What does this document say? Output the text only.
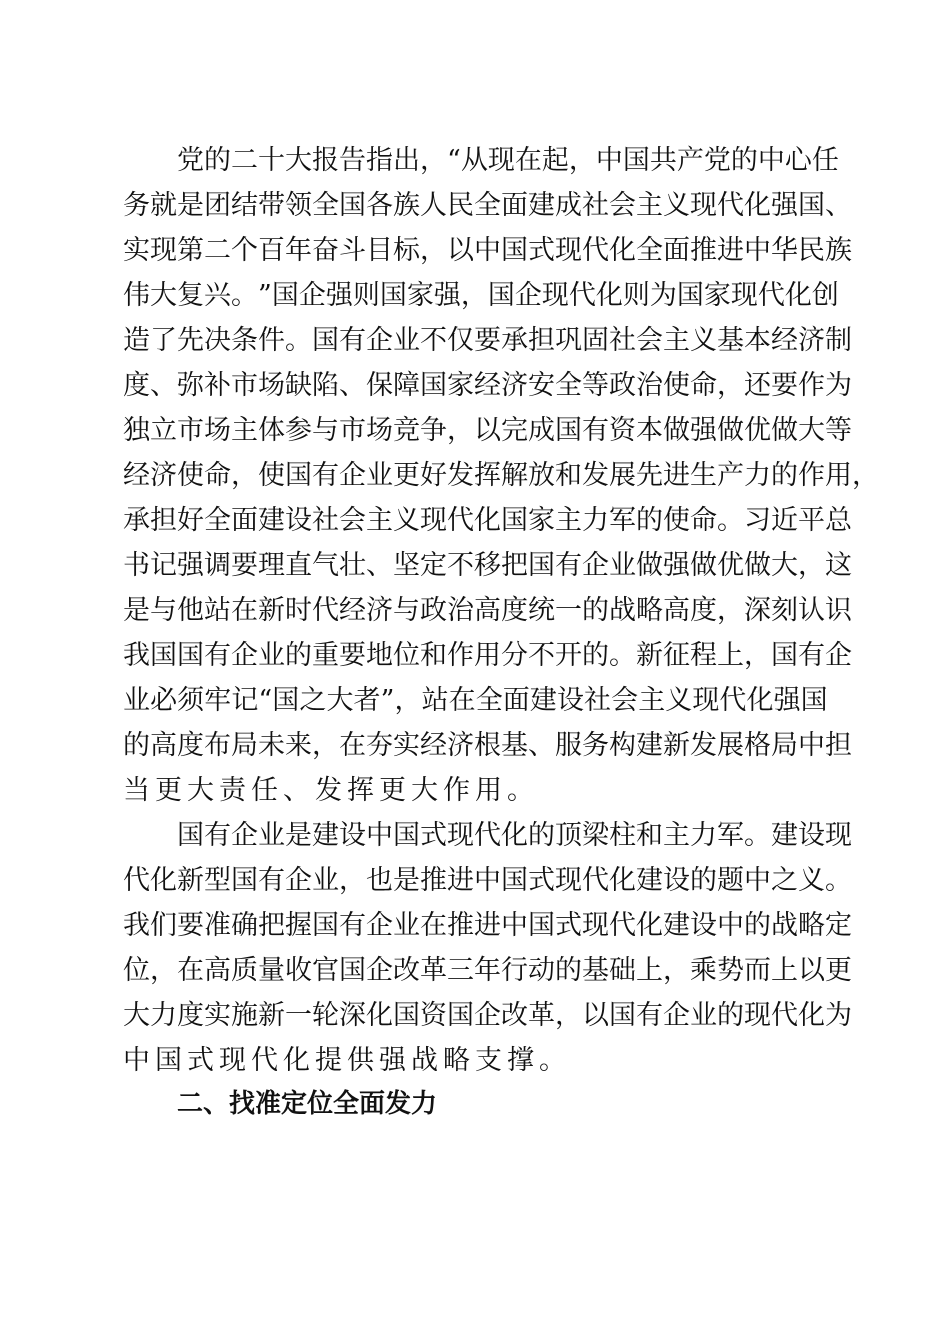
党 的 二 十 大 报 告 指 出 ， “ 从 现 在 起 ， 中 国 共 产 党 的 中 心 任
务 就 是 团 结 带 领 全 国 各 族 人 民 全 面 建 成 社 会 主 义 现 代 化 强 国 、
实 现 第 二 个 百 年 奋 斗 目 标 ， 以 中 国 式 现 代 化 全 面 推 进 中 华 民 族
伟 大 复 兴 。 ” 国 企 强 则 国 家 强 ， 国 企 现 代 化 则 为 国 家 现 代 化 创
造 了 先 决 条 件 。 国 有 企 业 不 仅 要 承 担 巩 固 社 会 主 义 基 本 经 济 制
度 、 弥 补 市 场 缺 陷 、 保 障 国 家 经 济 安 全 等 政 治 使 命 ， 还 要 作 为
独 立 市 场 主 体 参 与 市 场 竞 争 ， 以 完 成 国 有 资 本 做 强 做 优 做 大 等
经 济 使 命 ， 使 国 有 企 业 更 好 发 挥 解 放 和 发 展 先 进 生 产 力 的 作 用 ，
承 担 好 全 面 建 设 社 会 主 义 现 代 化 国 家 主 力 军 的 使 命 。 习 近 平 总
书 记 强 调 要 理 直 气 壮 、 坚 定 不 移 把 国 有 企 业 做 强 做 优 做 大 ， 这
是 与 他 站 在 新 时 代 经 济 与 政 治 高 度 统 一 的 战 略 高 度 ， 深 刻 认 识
我 国 国 有 企 业 的 重 要 地 位 和 作 用 分 不 开 的 。 新 征 程 上 ， 国 有 企
业 必 须 牢 记 “ 国 之 大 者 ” ， 站 在 全 面 建 设 社 会 主 义 现 代 化 强 国
的 高 度 布 局 未 来 ， 在 夯 实 经 济 根 基 、 服 务 构 建 新 发 展 格 局 中 担
当更大责任、发挥更大作用。
国 有 企 业 是 建 设 中 国 式 现 代 化 的 顶 梁 柱 和 主 力 军 。 建 设 现
代 化 新 型 国 有 企 业 ， 也 是 推 进 中 国 式 现 代 化 建 设 的 题 中 之 义 。
我 们 要 准 确 把 握 国 有 企 业 在 推 进 中 国 式 现 代 化 建 设 中 的 战 略 定
位 ， 在 高 质 量 收 官 国 企 改 革 三 年 行 动 的 基 础 上 ， 乘 势 而 上 以 更
大 力 度 实 施 新 一 轮 深 化 国 资 国 企 改 革 ， 以 国 有 企 业 的 现 代 化 为
中国式现代化提供强战略支撑。
二、找准定位全面发力
